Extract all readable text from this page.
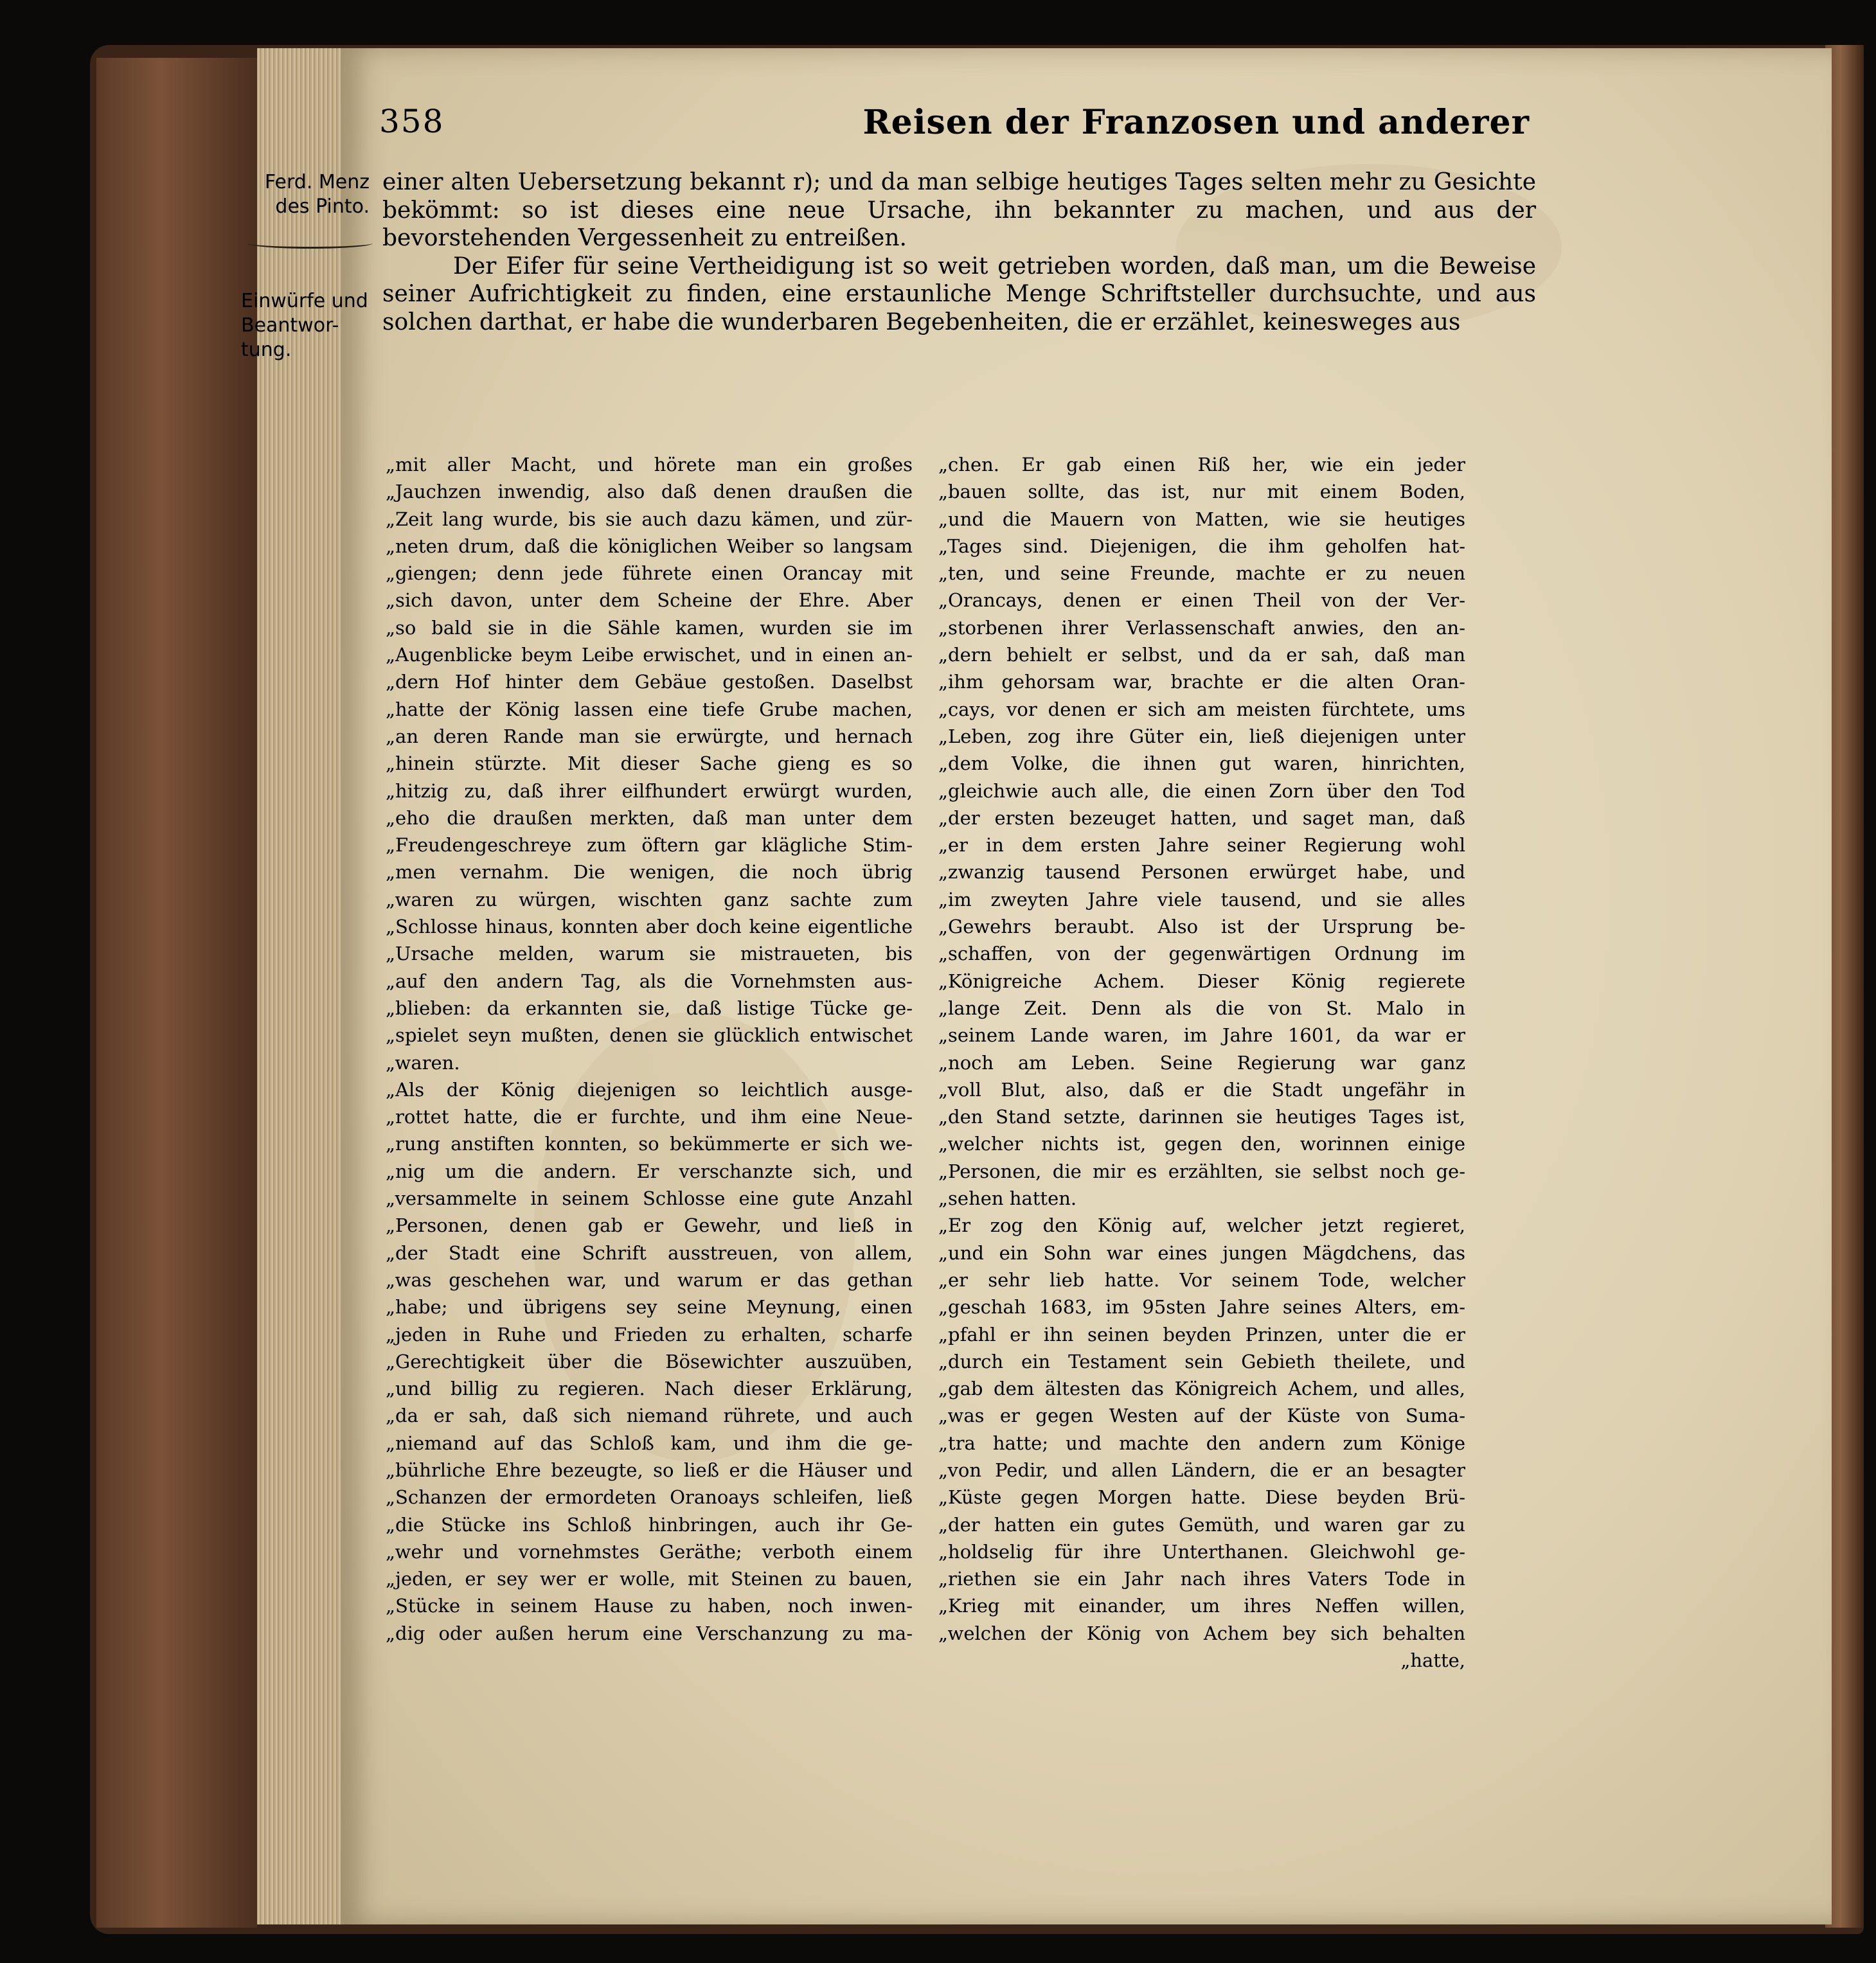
358	Reisen der Franzosen und anderer
Ferd. Menz des Pinto.
Einwürfe und Beantwor- tung.

einer alten Uebersetzung bekannt r); und da man selbige heutiges Tages selten mehr zu Gesichte bekömmt: so ist dieses eine neue Ursache, ihn bekannter zu machen, und aus der bevorstehenden Vergessenheit zu entreißen.

Der Eifer für seine Vertheidigung ist so weit getrieben worden, daß man, um die Beweise seiner Aufrichtigkeit zu finden, eine erstaunliche Menge Schriftsteller durchsuchte, und aus solchen darthat, er habe die wunderbaren Begebenheiten, die er erzählet, keinesweges aus

„mit aller Macht, und hörete man ein großes
„Jauchzen inwendig, also daß denen draußen die
„Zeit lang wurde, bis sie auch dazu kämen, und zür-
„neten drum, daß die königlichen Weiber so langsam
„giengen; denn jede führete einen Orancay mit
„sich davon, unter dem Scheine der Ehre. Aber
„so bald sie in die Sähle kamen, wurden sie im
„Augenblicke beym Leibe erwischet, und in einen an-
„dern Hof hinter dem Gebäue gestoßen. Daselbst
„hatte der König lassen eine tiefe Grube machen,
„an deren Rande man sie erwürgte, und hernach
„hinein stürzte. Mit dieser Sache gieng es so
„hitzig zu, daß ihrer eilfhundert erwürgt wurden,
„eho die draußen merkten, daß man unter dem
„Freudengeschreye zum öftern gar klägliche Stim-
„men vernahm. Die wenigen, die noch übrig
„waren zu würgen, wischten ganz sachte zum
„Schlosse hinaus, konnten aber doch keine eigentliche
„Ursache melden, warum sie mistraueten, bis
„auf den andern Tag, als die Vornehmsten aus-
„blieben: da erkannten sie, daß listige Tücke ge-
„spielet seyn mußten, denen sie glücklich entwischet
„waren.
„Als der König diejenigen so leichtlich ausge-
„rottet hatte, die er furchte, und ihm eine Neue-
„rung anstiften konnten, so bekümmerte er sich we-
„nig um die andern. Er verschanzte sich, und
„versammelte in seinem Schlosse eine gute Anzahl
„Personen, denen gab er Gewehr, und ließ in
„der Stadt eine Schrift ausstreuen, von allem,
„was geschehen war, und warum er das gethan
„habe; und übrigens sey seine Meynung, einen
„jeden in Ruhe und Frieden zu erhalten, scharfe
„Gerechtigkeit über die Bösewichter auszuüben,
„und billig zu regieren. Nach dieser Erklärung,
„da er sah, daß sich niemand rührete, und auch
„niemand auf das Schloß kam, und ihm die ge-
„bührliche Ehre bezeugte, so ließ er die Häuser und
„Schanzen der ermordeten Oranoays schleifen, ließ
„die Stücke ins Schloß hinbringen, auch ihr Ge-
„wehr und vornehmstes Geräthe; verboth einem
„jeden, er sey wer er wolle, mit Steinen zu bauen,
„Stücke in seinem Hause zu haben, noch inwen-
„dig oder außen herum eine Verschanzung zu ma-
„chen. Er gab einen Riß her, wie ein jeder
„bauen sollte, das ist, nur mit einem Boden,
„und die Mauern von Matten, wie sie heutiges
„Tages sind. Diejenigen, die ihm geholfen hat-
„ten, und seine Freunde, machte er zu neuen
„Orancays, denen er einen Theil von der Ver-
„storbenen ihrer Verlassenschaft anwies, den an-
„dern behielt er selbst, und da er sah, daß man
„ihm gehorsam war, brachte er die alten Oran-
„cays, vor denen er sich am meisten fürchtete, ums
„Leben, zog ihre Güter ein, ließ diejenigen unter
„dem Volke, die ihnen gut waren, hinrichten,
„gleichwie auch alle, die einen Zorn über den Tod
„der ersten bezeuget hatten, und saget man, daß
„er in dem ersten Jahre seiner Regierung wohl
„zwanzig tausend Personen erwürget habe, und
„im zweyten Jahre viele tausend, und sie alles
„Gewehrs beraubt. Also ist der Ursprung be-
„schaffen, von der gegenwärtigen Ordnung im
„Königreiche Achem. Dieser König regierete
„lange Zeit. Denn als die von St. Malo in
„seinem Lande waren, im Jahre 1601, da war er
„noch am Leben. Seine Regierung war ganz
„voll Blut, also, daß er die Stadt ungefähr in
„den Stand setzte, darinnen sie heutiges Tages ist,
„welcher nichts ist, gegen den, worinnen einige
„Personen, die mir es erzählten, sie selbst noch ge-
„sehen hatten.
„Er zog den König auf, welcher jetzt regieret,
„und ein Sohn war eines jungen Mägdchens, das
„er sehr lieb hatte. Vor seinem Tode, welcher
„geschah 1683, im 95sten Jahre seines Alters, em-
„pfahl er ihn seinen beyden Prinzen, unter die er
„durch ein Testament sein Gebieth theilete, und
„gab dem ältesten das Königreich Achem, und alles,
„was er gegen Westen auf der Küste von Suma-
„tra hatte; und machte den andern zum Könige
„von Pedir, und allen Ländern, die er an besagter
„Küste gegen Morgen hatte. Diese beyden Brü-
„der hatten ein gutes Gemüth, und waren gar zu
„holdselig für ihre Unterthanen. Gleichwohl ge-
„riethen sie ein Jahr nach ihres Vaters Tode in
„Krieg mit einander, um ihres Neffen willen,
„welchen der König von Achem bey sich behalten
„hatte,
